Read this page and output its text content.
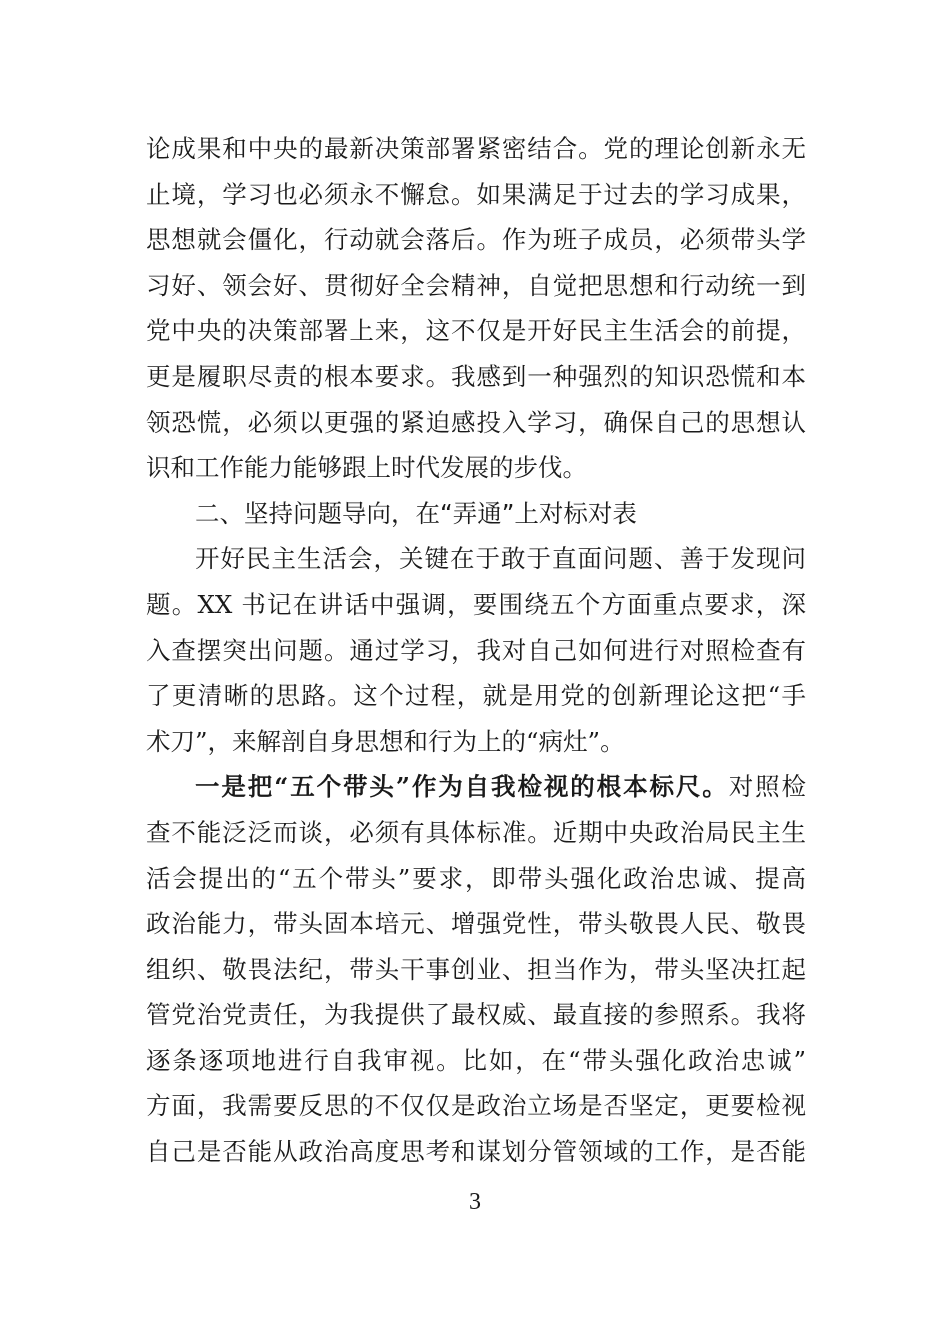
论成果和中央的最新决策部署紧密结合。党的理论创新永无
止境，学习也必须永不懈怠。如果满足于过去的学习成果，
思想就会僵化，行动就会落后。作为班子成员，必须带头学
习好、领会好、贯彻好全会精神，自觉把思想和行动统一到
党中央的决策部署上来，这不仅是开好民主生活会的前提，
更是履职尽责的根本要求。我感到一种强烈的知识恐慌和本
领恐慌，必须以更强的紧迫感投入学习，确保自己的思想认
识和工作能力能够跟上时代发展的步伐。
二、坚持问题导向，在“弄通”上对标对表
开好民主生活会，关键在于敢于直面问题、善于发现问
题。XX 书记在讲话中强调，要围绕五个方面重点要求，深
入查摆突出问题。通过学习，我对自己如何进行对照检查有
了更清晰的思路。这个过程，就是用党的创新理论这把“手
术刀”，来解剖自身思想和行为上的“病灶”。
一是把“五个带头”作为自我检视的根本标尺。对照检
查不能泛泛而谈，必须有具体标准。近期中央政治局民主生
活会提出的“五个带头”要求，即带头强化政治忠诚、提高
政治能力，带头固本培元、增强党性，带头敬畏人民、敬畏
组织、敬畏法纪，带头干事创业、担当作为，带头坚决扛起
管党治党责任，为我提供了最权威、最直接的参照系。我将
逐条逐项地进行自我审视。比如，在“带头强化政治忠诚”
方面，我需要反思的不仅仅是政治立场是否坚定，更要检视
自己是否能从政治高度思考和谋划分管领域的工作，是否能
3
